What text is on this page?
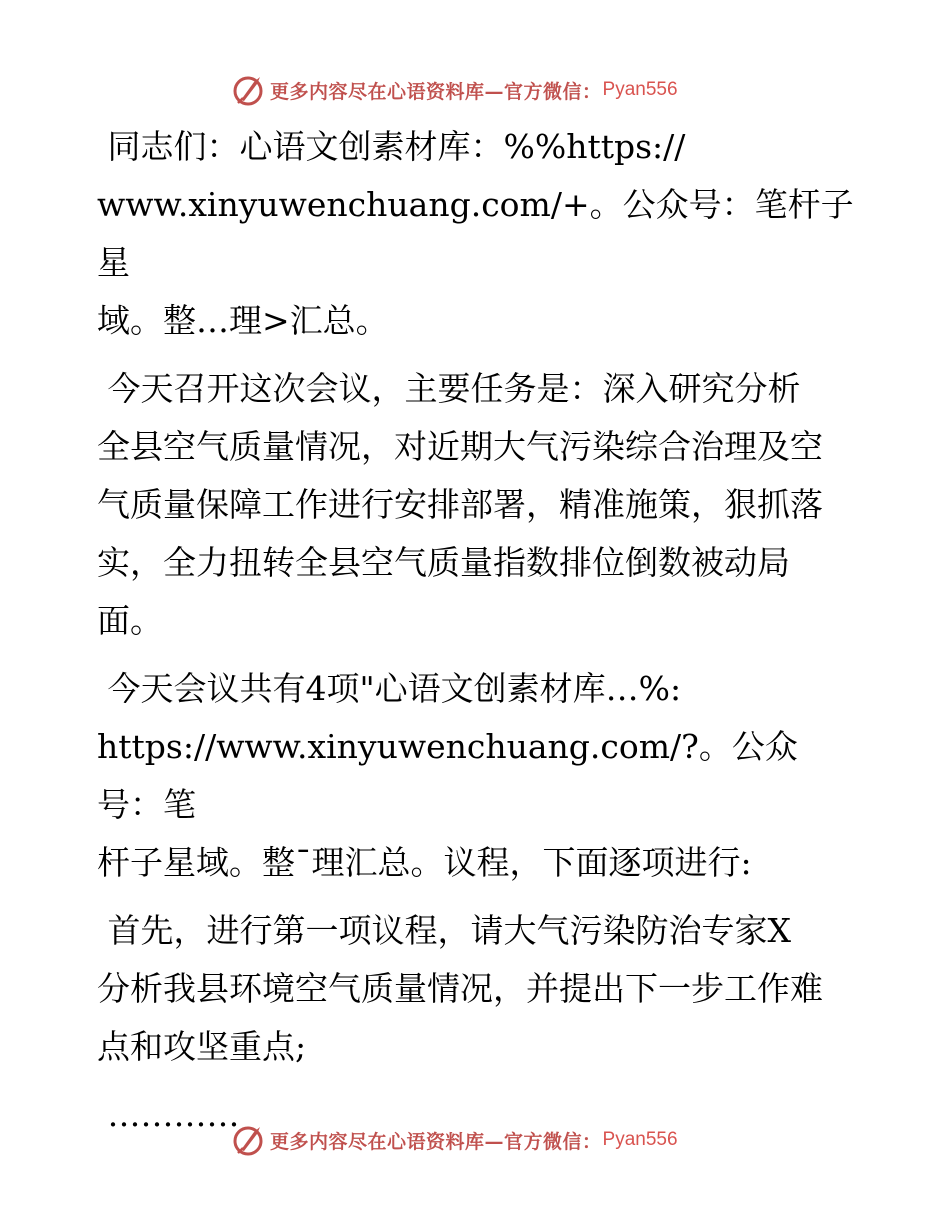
更多内容尽在心语资料库—官方微信： Pyan556

同志们：心语文创素材库：%%https://
www.xinyuwenchuang.com/+。公众号：笔杆子星
域。整…理>汇总。

今天召开这次会议，主要任务是：深入研究分析
全县空气质量情况，对近期大气污染综合治理及空
气质量保障工作进行安排部署，精准施策，狠抓落
实，全力扭转全县空气质量指数排位倒数被动局
面。

今天会议共有4项"心语文创素材库…%:
https://www.xinyuwenchuang.com/?。公众号：笔
杆子星域。整¯理汇总。议程，下面逐项进行:

首先，进行第一项议程，请大气污染防治专家X
分析我县环境空气质量情况，并提出下一步工作难
点和攻坚重点;

…………

更多内容尽在心语资料库—官方微信： Pyan556
